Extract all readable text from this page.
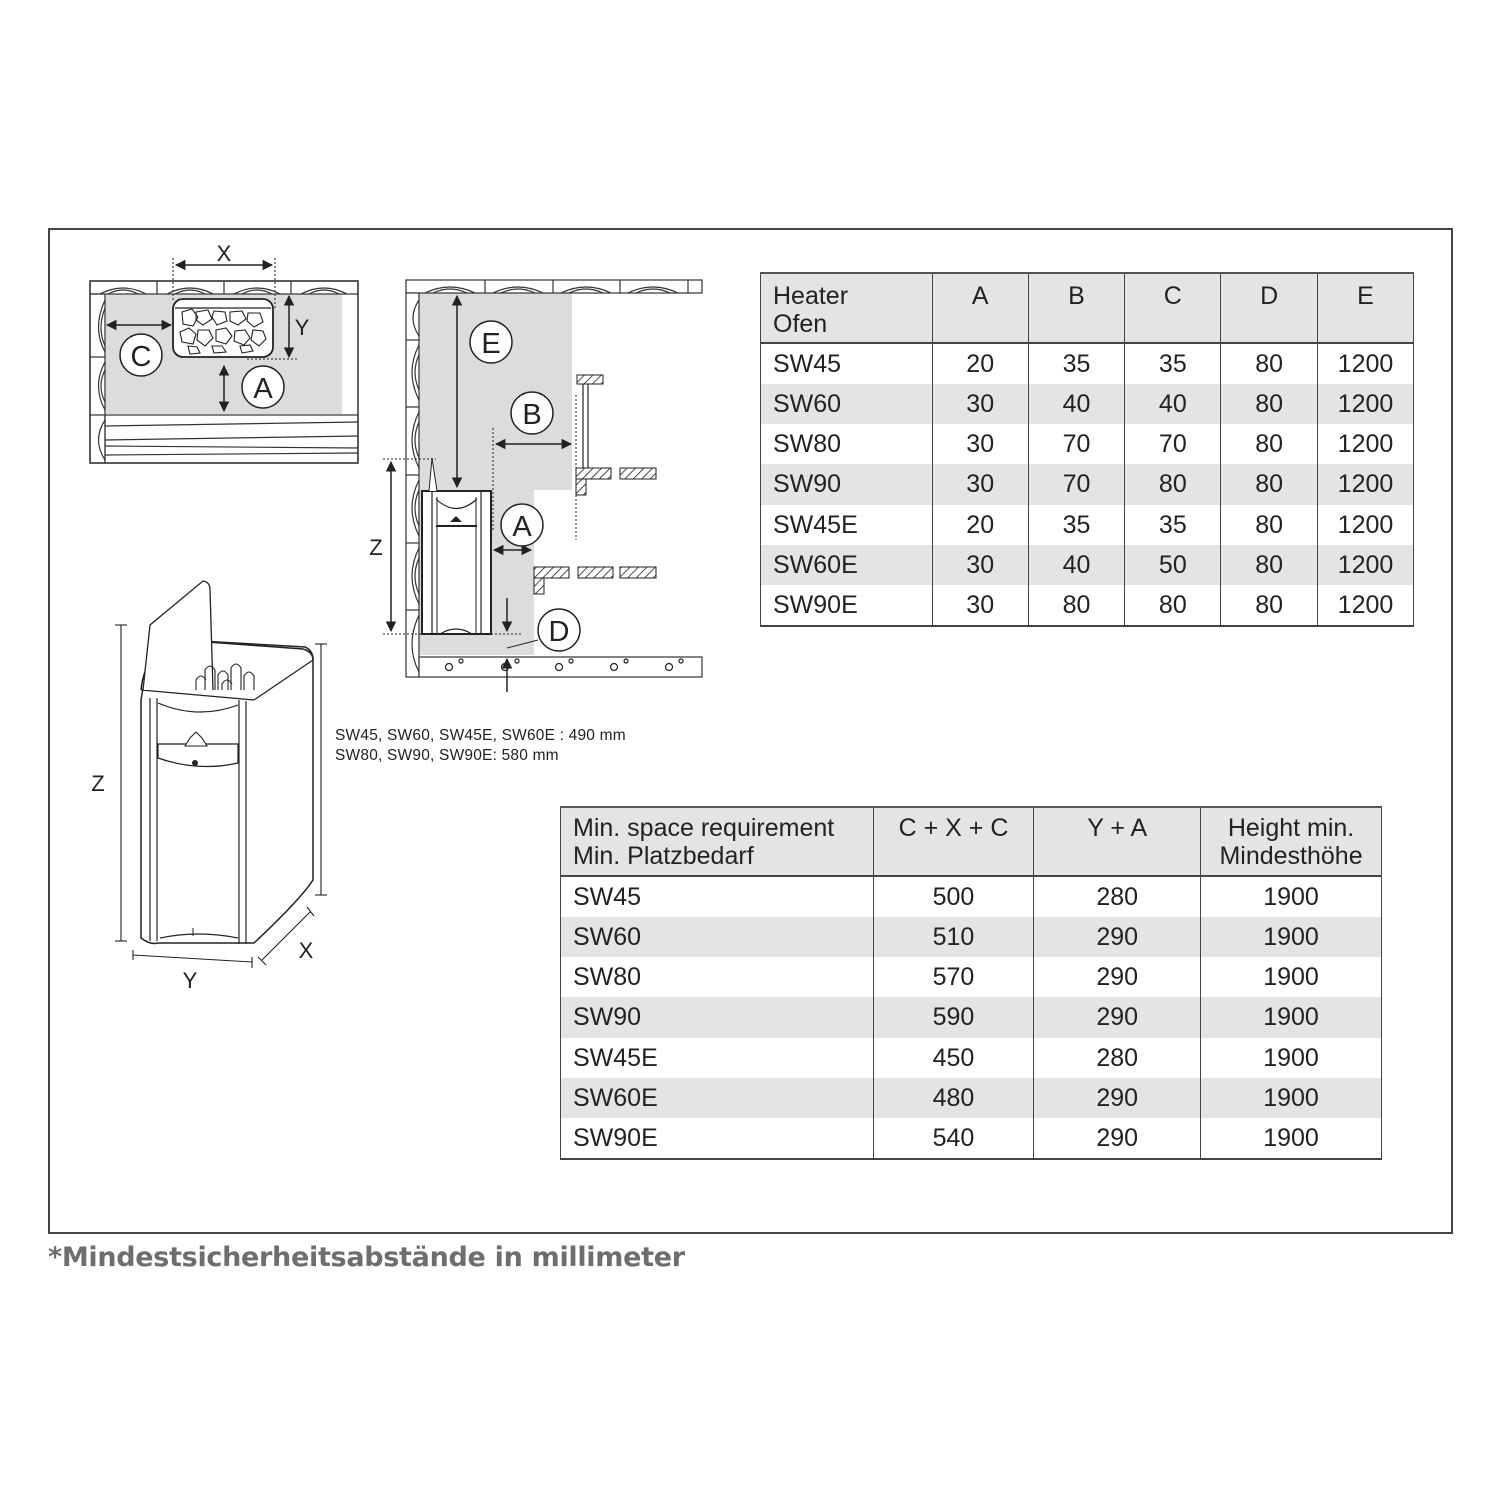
X
Y
C
A
E
B
A
Z
D
Z
Y
X
SW45, SW60, SW45E, SW60E : 490 mm
SW80, SW90, SW90E: 580 mm
Heater
Ofen	A	B	C	D	E
SW45	20	35	35	80	1200
SW60	30	40	40	80	1200
SW80	30	70	70	80	1200
SW90	30	70	80	80	1200
SW45E	20	35	35	80	1200
SW60E	30	40	50	80	1200
SW90E	30	80	80	80	1200
Min. space requirement
Min. Platzbedarf
	C + X + C	Y + A	Height min.
Mindesthöhe

SW45	500	280	1900
SW60	510	290	1900
SW80	570	290	1900
SW90	590	290	1900
SW45E	450	280	1900
SW60E	480	290	1900
SW90E	540	290	1900
*Mindestsicherheitsabstände in millimeter
